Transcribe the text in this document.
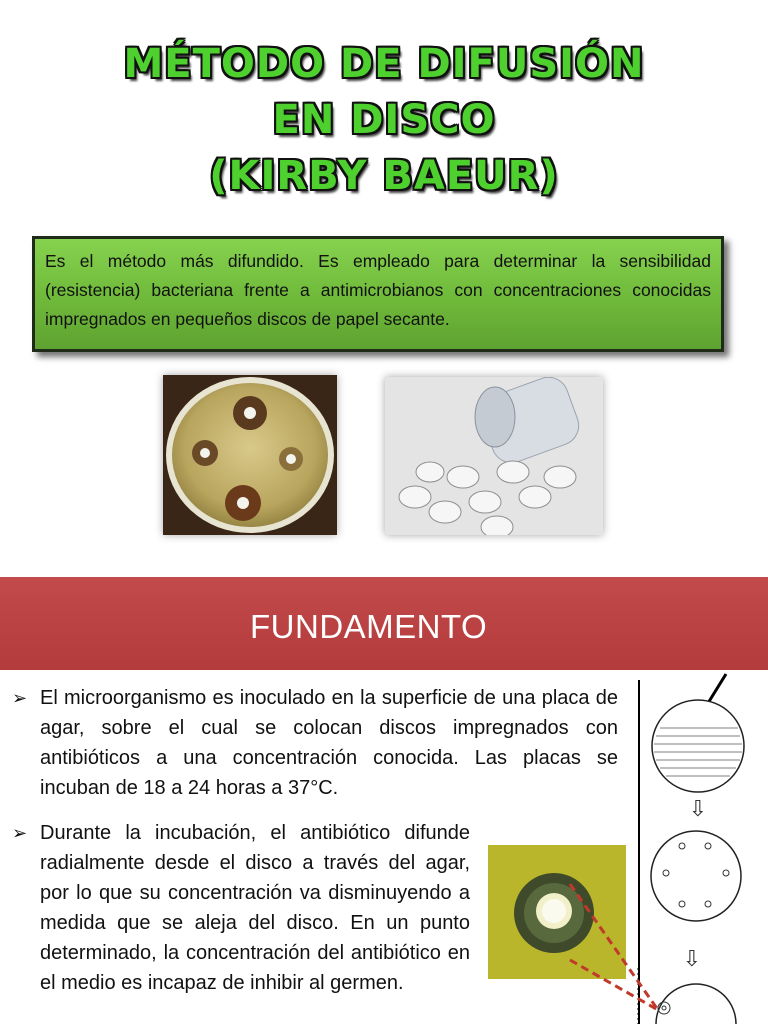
MÉTODO DE DIFUSIÓN
EN DISCO
(KIRBY BAEUR)
Es el método más difundido. Es empleado para determinar la sensibilidad (resistencia) bacteriana frente a antimicrobianos con concentraciones conocidas impregnados en pequeños discos de papel secante.
FUNDAMENTO
➢ El microorganismo es inoculado en la superficie de una placa de agar, sobre el cual se colocan discos impregnados con antibióticos a una concentración conocida. Las placas se incuban de 18 a 24 horas a 37°C.
➢ Durante la incubación, el antibiótico difunde radialmente desde el disco a través del agar, por lo que su concentración va disminuyendo a medida que se aleja del disco. En un punto determinado, la concentración del antibiótico en el medio es incapaz de inhibir al germen.
⇩
⇩
